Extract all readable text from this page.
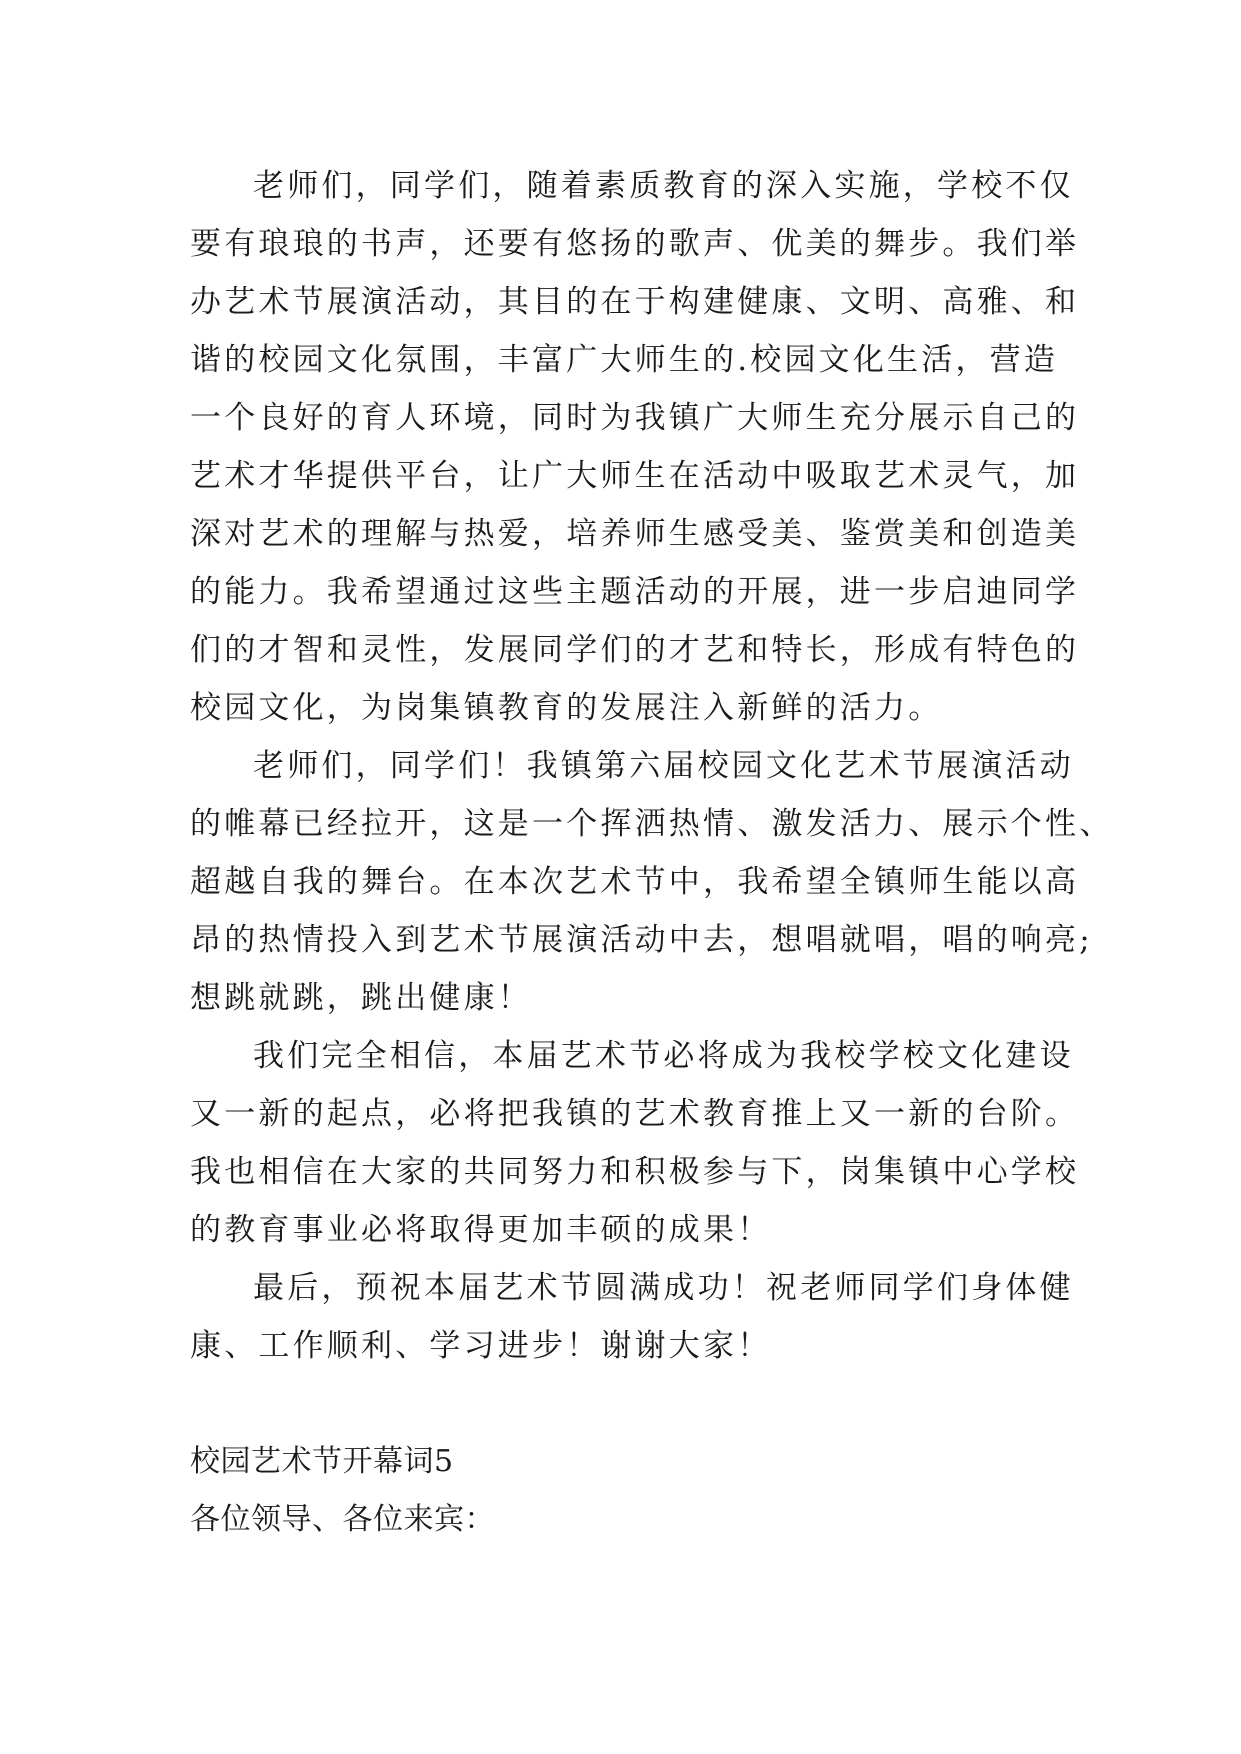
老师们，同学们，随着素质教育的深入实施，学校不仅
要有琅琅的书声，还要有悠扬的歌声、优美的舞步。我们举
办艺术节展演活动，其目的在于构建健康、文明、高雅、和
谐的校园文化氛围，丰富广大师生的.校园文化生活，营造
一个良好的育人环境，同时为我镇广大师生充分展示自己的
艺术才华提供平台，让广大师生在活动中吸取艺术灵气，加
深对艺术的理解与热爱，培养师生感受美、鉴赏美和创造美
的能力。我希望通过这些主题活动的开展，进一步启迪同学
们的才智和灵性，发展同学们的才艺和特长，形成有特色的
校园文化，为岗集镇教育的发展注入新鲜的活力。
老师们，同学们！我镇第六届校园文化艺术节展演活动
的帷幕已经拉开，这是一个挥洒热情、激发活力、展示个性、
超越自我的舞台。在本次艺术节中，我希望全镇师生能以高
昂的热情投入到艺术节展演活动中去，想唱就唱，唱的响亮;
想跳就跳，跳出健康！
我们完全相信，本届艺术节必将成为我校学校文化建设
又一新的起点，必将把我镇的艺术教育推上又一新的台阶。
我也相信在大家的共同努力和积极参与下，岗集镇中心学校
的教育事业必将取得更加丰硕的成果！
最后，预祝本届艺术节圆满成功！祝老师同学们身体健
康、工作顺利、学习进步！谢谢大家！
校园艺术节开幕词5
各位领导、各位来宾：
